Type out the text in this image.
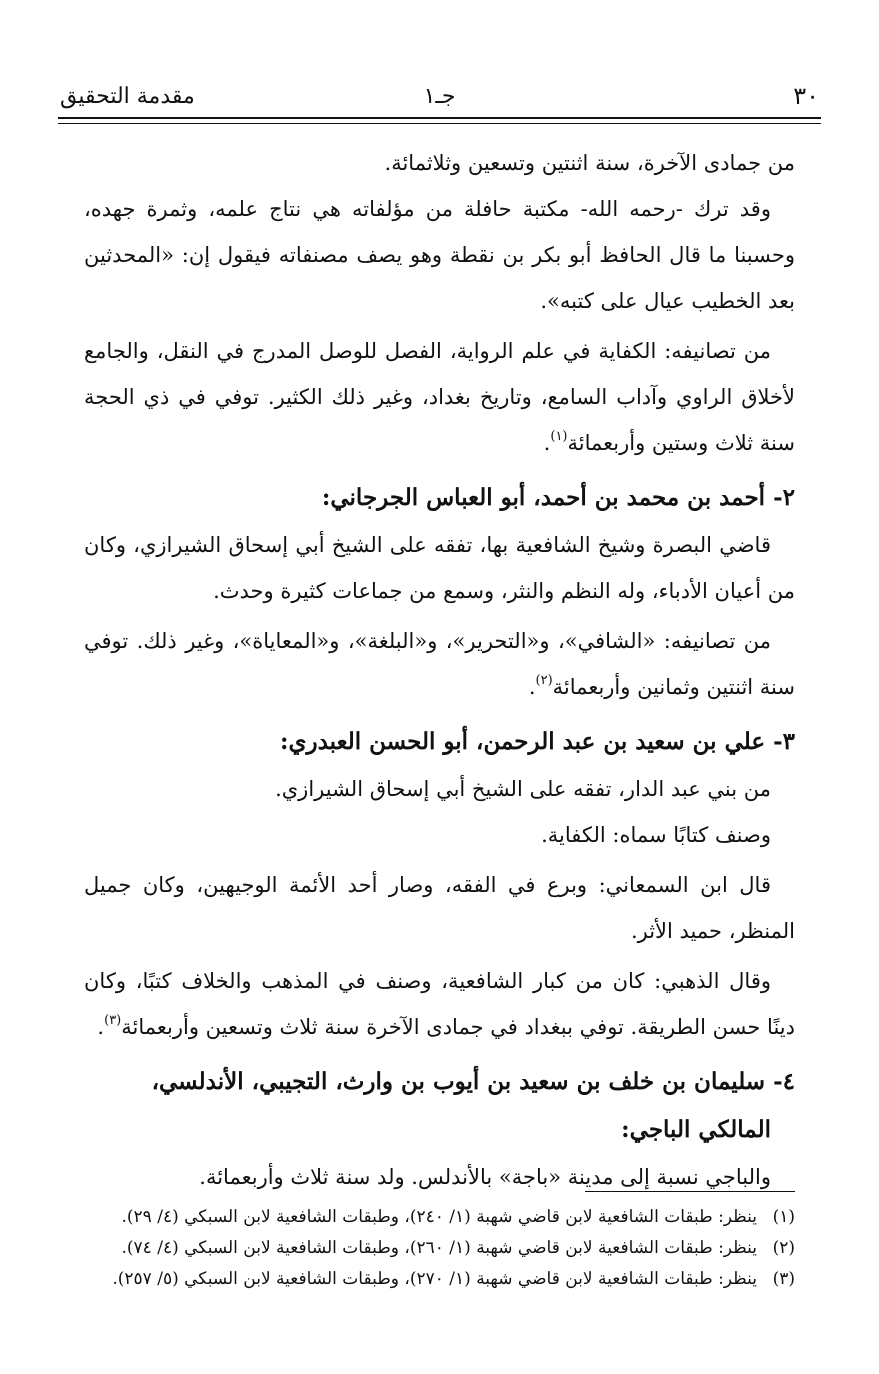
٣٠
جـ١
مقدمة التحقيق

من جمادى الآخرة، سنة اثنتين وتسعين وثلاثمائة.

وقد ترك -رحمه الله- مكتبة حافلة من مؤلفاته هي نتاج علمه، وثمرة جهده، وحسبنا ما قال الحافظ أبو بكر بن نقطة وهو يصف مصنفاته فيقول إن: «المحدثين بعد الخطيب عيال على كتبه».

من تصانيفه: الكفاية في علم الرواية، الفصل للوصل المدرج في النقل، والجامع لأخلاق الراوي وآداب السامع، وتاريخ بغداد، وغير ذلك الكثير. توفي في ذي الحجة سنة ثلاث وستين وأربعمائة$^{(١)}$.

٢- أحمد بن محمد بن أحمد، أبو العباس الجرجاني:

قاضي البصرة وشيخ الشافعية بها، تفقه على الشيخ أبي إسحاق الشيرازي، وكان من أعيان الأدباء، وله النظم والنثر، وسمع من جماعات كثيرة وحدث.

من تصانيفه: «الشافي»، و«التحرير»، و«البلغة»، و«المعاياة»، وغير ذلك. توفي سنة اثنتين وثمانين وأربعمائة$^{(٢)}$.

٣- علي بن سعيد بن عبد الرحمن، أبو الحسن العبدري:

من بني عبد الدار، تفقه على الشيخ أبي إسحاق الشيرازي.

وصنف كتابًا سماه: الكفاية.

قال ابن السمعاني: وبرع في الفقه، وصار أحد الأئمة الوجيهين، وكان جميل المنظر، حميد الأثر.

وقال الذهبي: كان من كبار الشافعية، وصنف في المذهب والخلاف كتبًا، وكان دينًا حسن الطريقة. توفي ببغداد في جمادى الآخرة سنة ثلاث وتسعين وأربعمائة$^{(٣)}$.

٤- سليمان بن خلف بن سعيد بن أيوب بن وارث، التجيبي، الأندلسي،
المالكي الباجي:

والباجي نسبة إلى مدينة «باجة» بالأندلس. ولد سنة ثلاث وأربعمائة.

(١)
ينظر: طبقات الشافعية لابن قاضي شهبة (١/ ٢٤٠)، وطبقات الشافعية لابن السبكي (٤/ ٢٩).

(٢)
ينظر: طبقات الشافعية لابن قاضي شهبة (١/ ٢٦٠)، وطبقات الشافعية لابن السبكي (٤/ ٧٤).

(٣)
ينظر: طبقات الشافعية لابن قاضي شهبة (١/ ٢٧٠)، وطبقات الشافعية لابن السبكي (٥/ ٢٥٧).
